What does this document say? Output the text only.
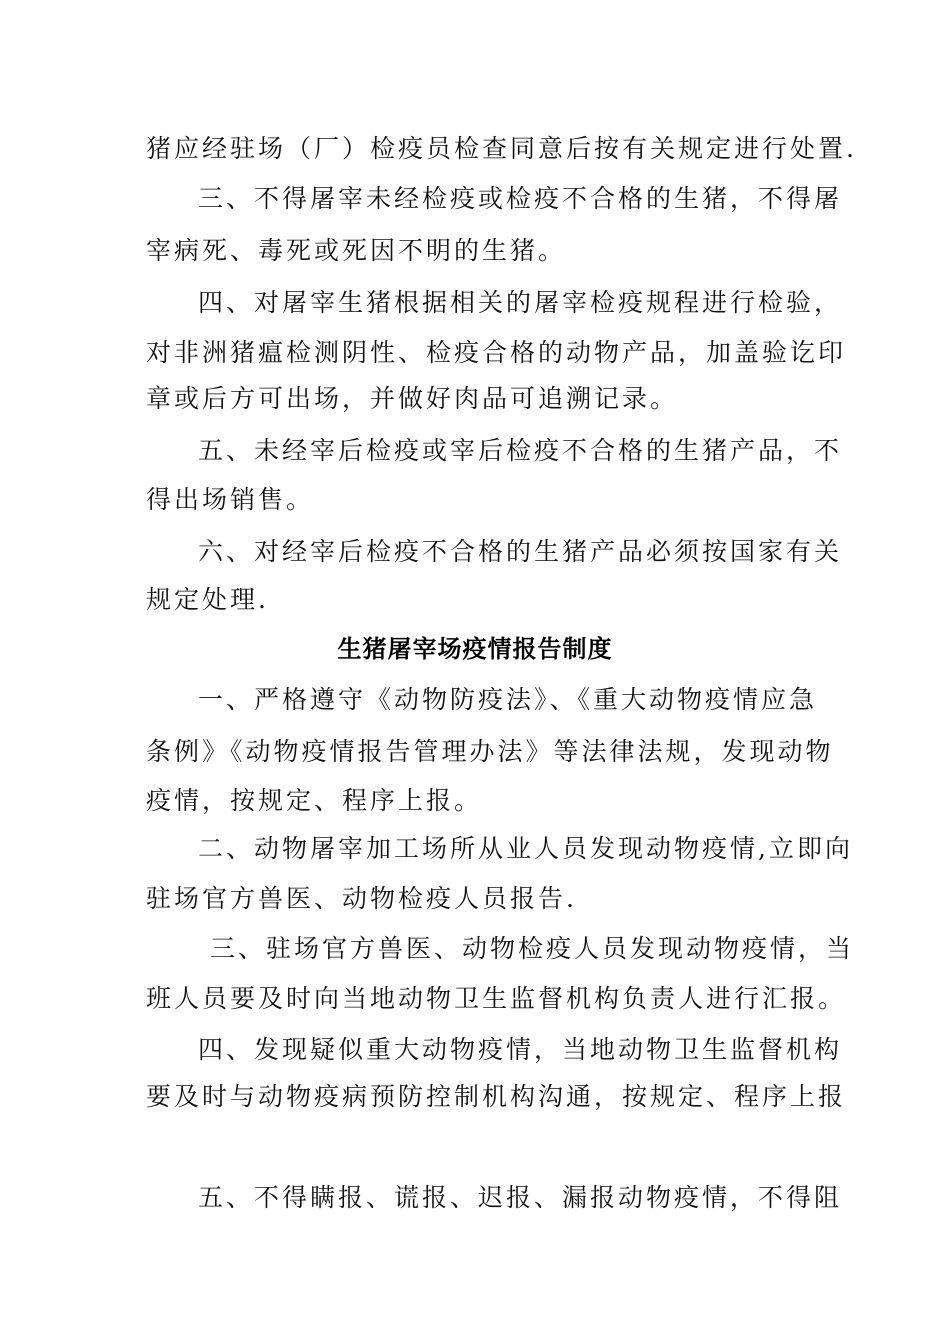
猪应经驻场（厂）检疫员检查同意后按有关规定进行处置.
三、不得屠宰未经检疫或检疫不合格的生猪，不得屠
宰病死、毒死或死因不明的生猪。
四、对屠宰生猪根据相关的屠宰检疫规程进行检验，
对非洲猪瘟检测阴性、检疫合格的动物产品，加盖验讫印
章或后方可出场，并做好肉品可追溯记录。
五、未经宰后检疫或宰后检疫不合格的生猪产品，不
得出场销售。
六、对经宰后检疫不合格的生猪产品必须按国家有关
规定处理.
生猪屠宰场疫情报告制度
一、严格遵守《动物防疫法》、《重大动物疫情应急
条例》《动物疫情报告管理办法》等法律法规，发现动物
疫情，按规定、程序上报。
二、动物屠宰加工场所从业人员发现动物疫情,立即向
驻场官方兽医、动物检疫人员报告.
三、驻场官方兽医、动物检疫人员发现动物疫情，当
班人员要及时向当地动物卫生监督机构负责人进行汇报。
四、发现疑似重大动物疫情，当地动物卫生监督机构
要及时与动物疫病预防控制机构沟通，按规定、程序上报
五、不得瞒报、谎报、迟报、漏报动物疫情，不得阻
